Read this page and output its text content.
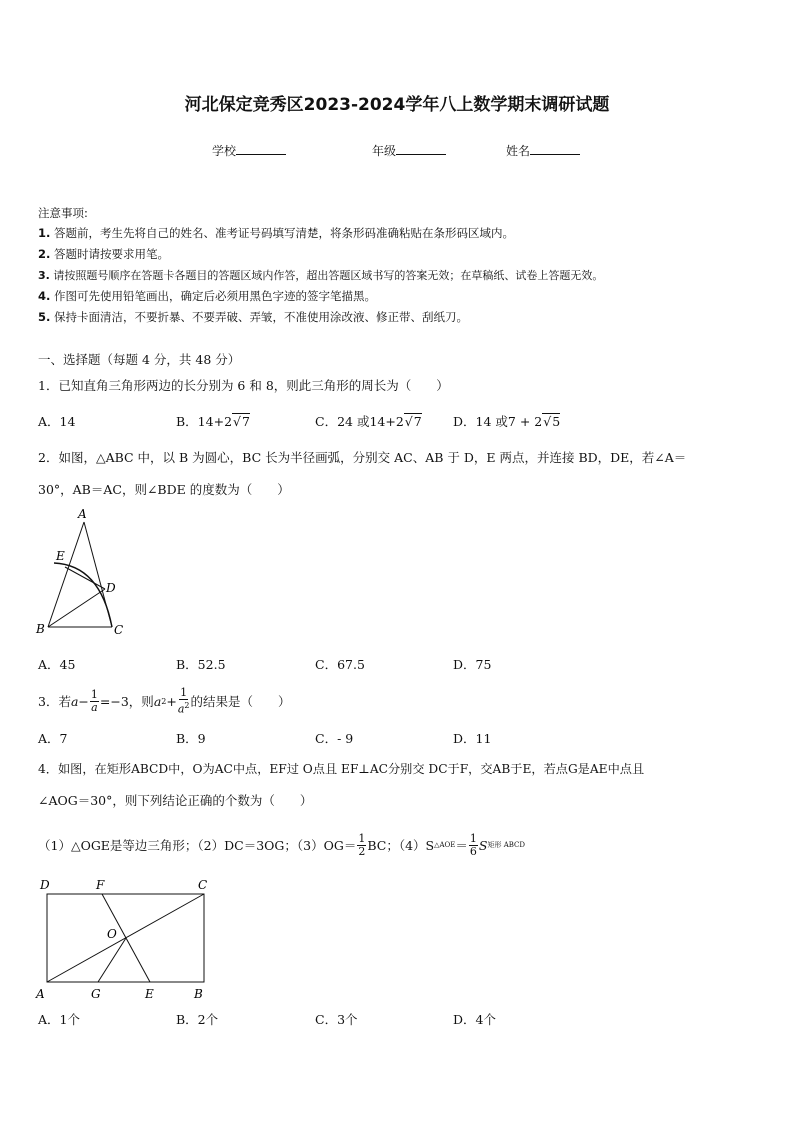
河北保定竞秀区2023-2024学年八上数学期末调研试题
学校	年级	姓名
注意事项:
1. 答题前，考生先将自己的姓名、准考证号码填写清楚，将条形码准确粘贴在条形码区域内。
2. 答题时请按要求用笔。
3. 请按照题号顺序在答题卡各题目的答题区域内作答，超出答题区域书写的答案无效；在草稿纸、试卷上答题无效。
4. 作图可先使用铅笔画出，确定后必须用黑色字迹的签字笔描黑。
5. 保持卡面清洁，不要折暴、不要弄破、弄皱，不准使用涂改液、修正带、刮纸刀。
一、选择题（每题 4 分，共 48 分）
1．已知直角三角形两边的长分别为 6 和 8，则此三角形的周长为（　　）
A．14	B．14+2√7	C．24 或14+2√7	D．14 或7 + 2√5
2．如图，△ABC 中，以 B 为圆心，BC 长为半径画弧，分别交 AC、AB 于 D，E 两点，并连接 BD，DE，若∠A＝
30°，AB＝AC，则∠BDE 的度数为（　　）
A
E
D
B	C
A．45	B．52.5	C．67.5	D．75
3．若 $a - \frac{1}{a} =-3$ ，则 a $2 + \frac{1}{a^2}$ 的结果是（　　）
A．7	B．9	C．- 9	D．11
4．如图，在矩形ABCD中，O为AC中点，EF过 O点且 EF⊥AC分别交 DC于F，交AB于E，若点G是AE中点且
∠AOG＝30°，则下列结论正确的个数为（　　）
（1）△OGE是等边三角形；（2）DC＝3OG；$(3)OG= \frac{1}{2}$ BC；（4）S △AOE ＝ $\frac{1}{6}$ S 矩形 ABCD
D	F	C
O
A	G	E	B
A．1个	B．2个	C．3个	D．4个
